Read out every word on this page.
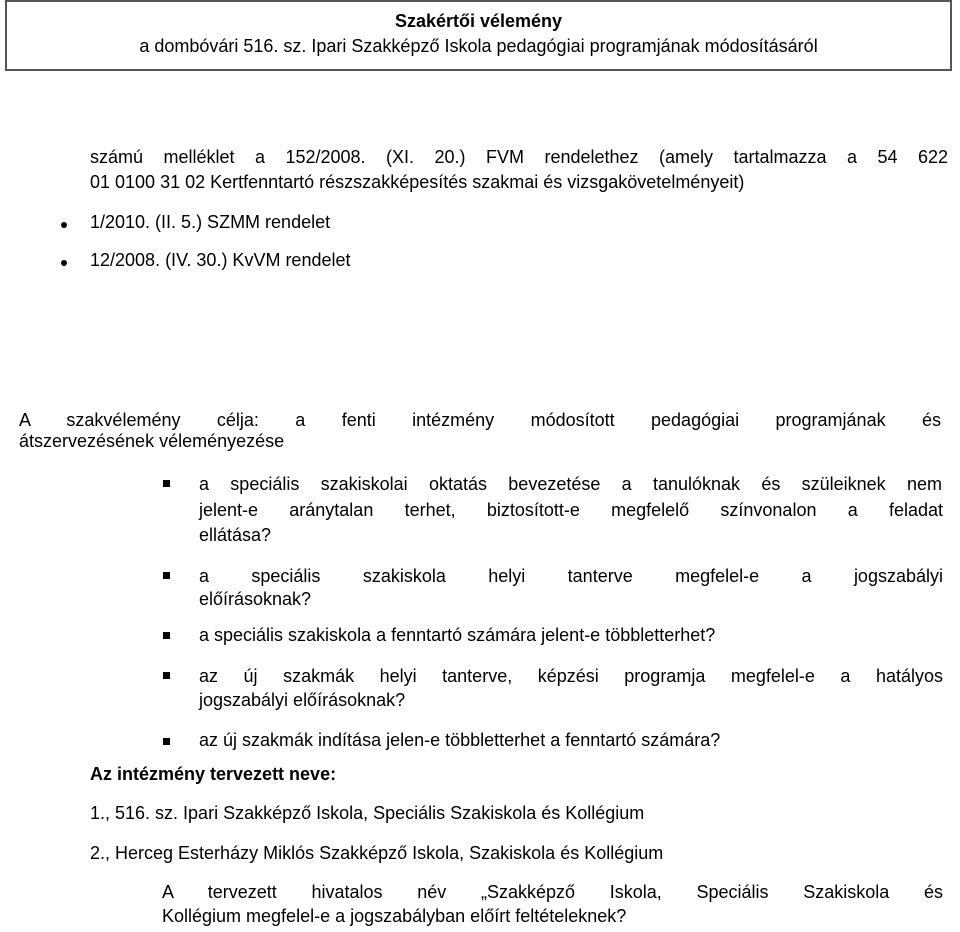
Szakértői vélemény
a dombóvári 516. sz. Ipari Szakképző Iskola pedagógiai programjának módosításáról
számú melléklet a 152/2008. (XI. 20.) FVM rendelethez (amely tartalmazza a 54 622
01 0100 31 02 Kertfenntartó részszakképesítés szakmai és vizsgakövetelményeit)
1/2010. (II. 5.) SZMM rendelet
12/2008. (IV. 30.) KvVM rendelet
A szakvélemény célja: a fenti intézmény módosított pedagógiai programjának és
átszervezésének véleményezése
a speciális szakiskolai oktatás bevezetése a tanulóknak és szüleiknek nem
jelent-e aránytalan terhet, biztosított-e megfelelő színvonalon a feladat
ellátása?
a speciális szakiskola helyi tanterve megfelel-e a jogszabályi
előírásoknak?
a speciális szakiskola a fenntartó számára jelent-e többletterhet?
az új szakmák helyi tanterve, képzési programja megfelel-e a hatályos
jogszabályi előírásoknak?
az új szakmák indítása jelen-e többletterhet a fenntartó számára?
Az intézmény tervezett neve:
1., 516. sz. Ipari Szakképző Iskola, Speciális Szakiskola és Kollégium
2., Herceg Esterházy Miklós Szakképző Iskola, Szakiskola és Kollégium
A tervezett hivatalos név „Szakképző Iskola, Speciális Szakiskola és
Kollégium megfelel-e a jogszabályban előírt feltételeknek?
